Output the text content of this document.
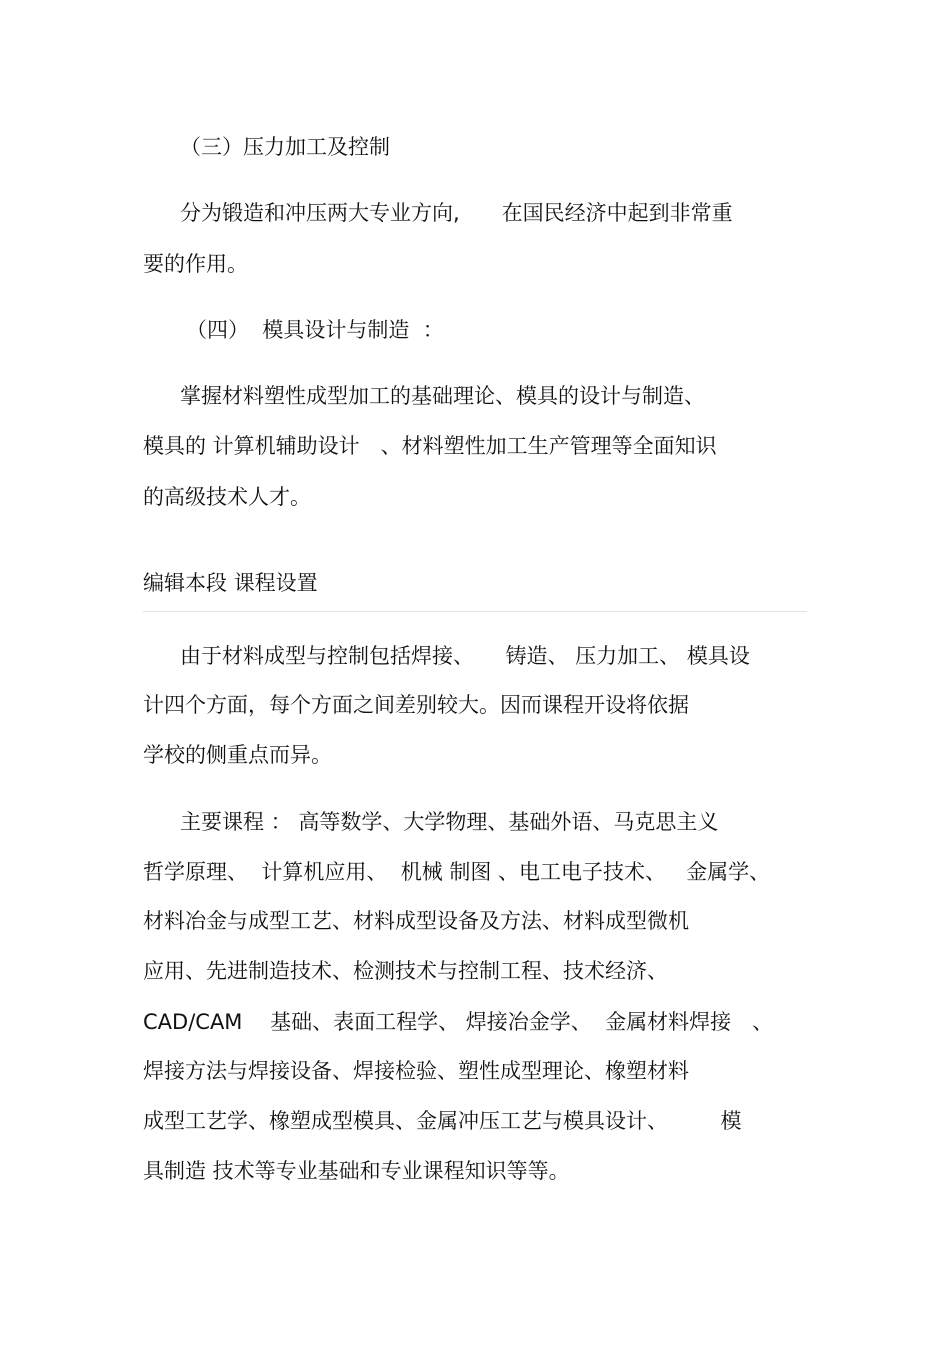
（三）压力加工及控制
分为锻造和冲压两大专业方向,　　在国民经济中起到非常重
要的作用。
（四）  模具设计与制造  ：
掌握材料塑性成型加工的基础理论、模具的设计与制造、
模具的 计算机辅助设计　、材料塑性加工生产管理等全面知识
的高级技术人才。
编辑本段 课程设置
由于材料成型与控制包括焊接、　　铸造、 压力加工、 模具设
计四个方面，每个方面之间差别较大。因而课程开设将依据
学校的侧重点而异。
主要课程 ： 高等数学、大学物理、基础外语、马克思主义
哲学原理、  计算机应用、  机械 制图 、电工电子技术、   金属学、
材料冶金与成型工艺、材料成型设备及方法、材料成型微机
应用、先进制造技术、检测技术与控制工程、技术经济、
CAD/CAM　 基础、表面工程学、 焊接冶金学、  金属材料焊接　、
焊接方法与焊接设备、焊接检验、塑性成型理论、橡塑材料
成型工艺学、橡塑成型模具、金属冲压工艺与模具设计、　　　模
具制造 技术等专业基础和专业课程知识等等。
